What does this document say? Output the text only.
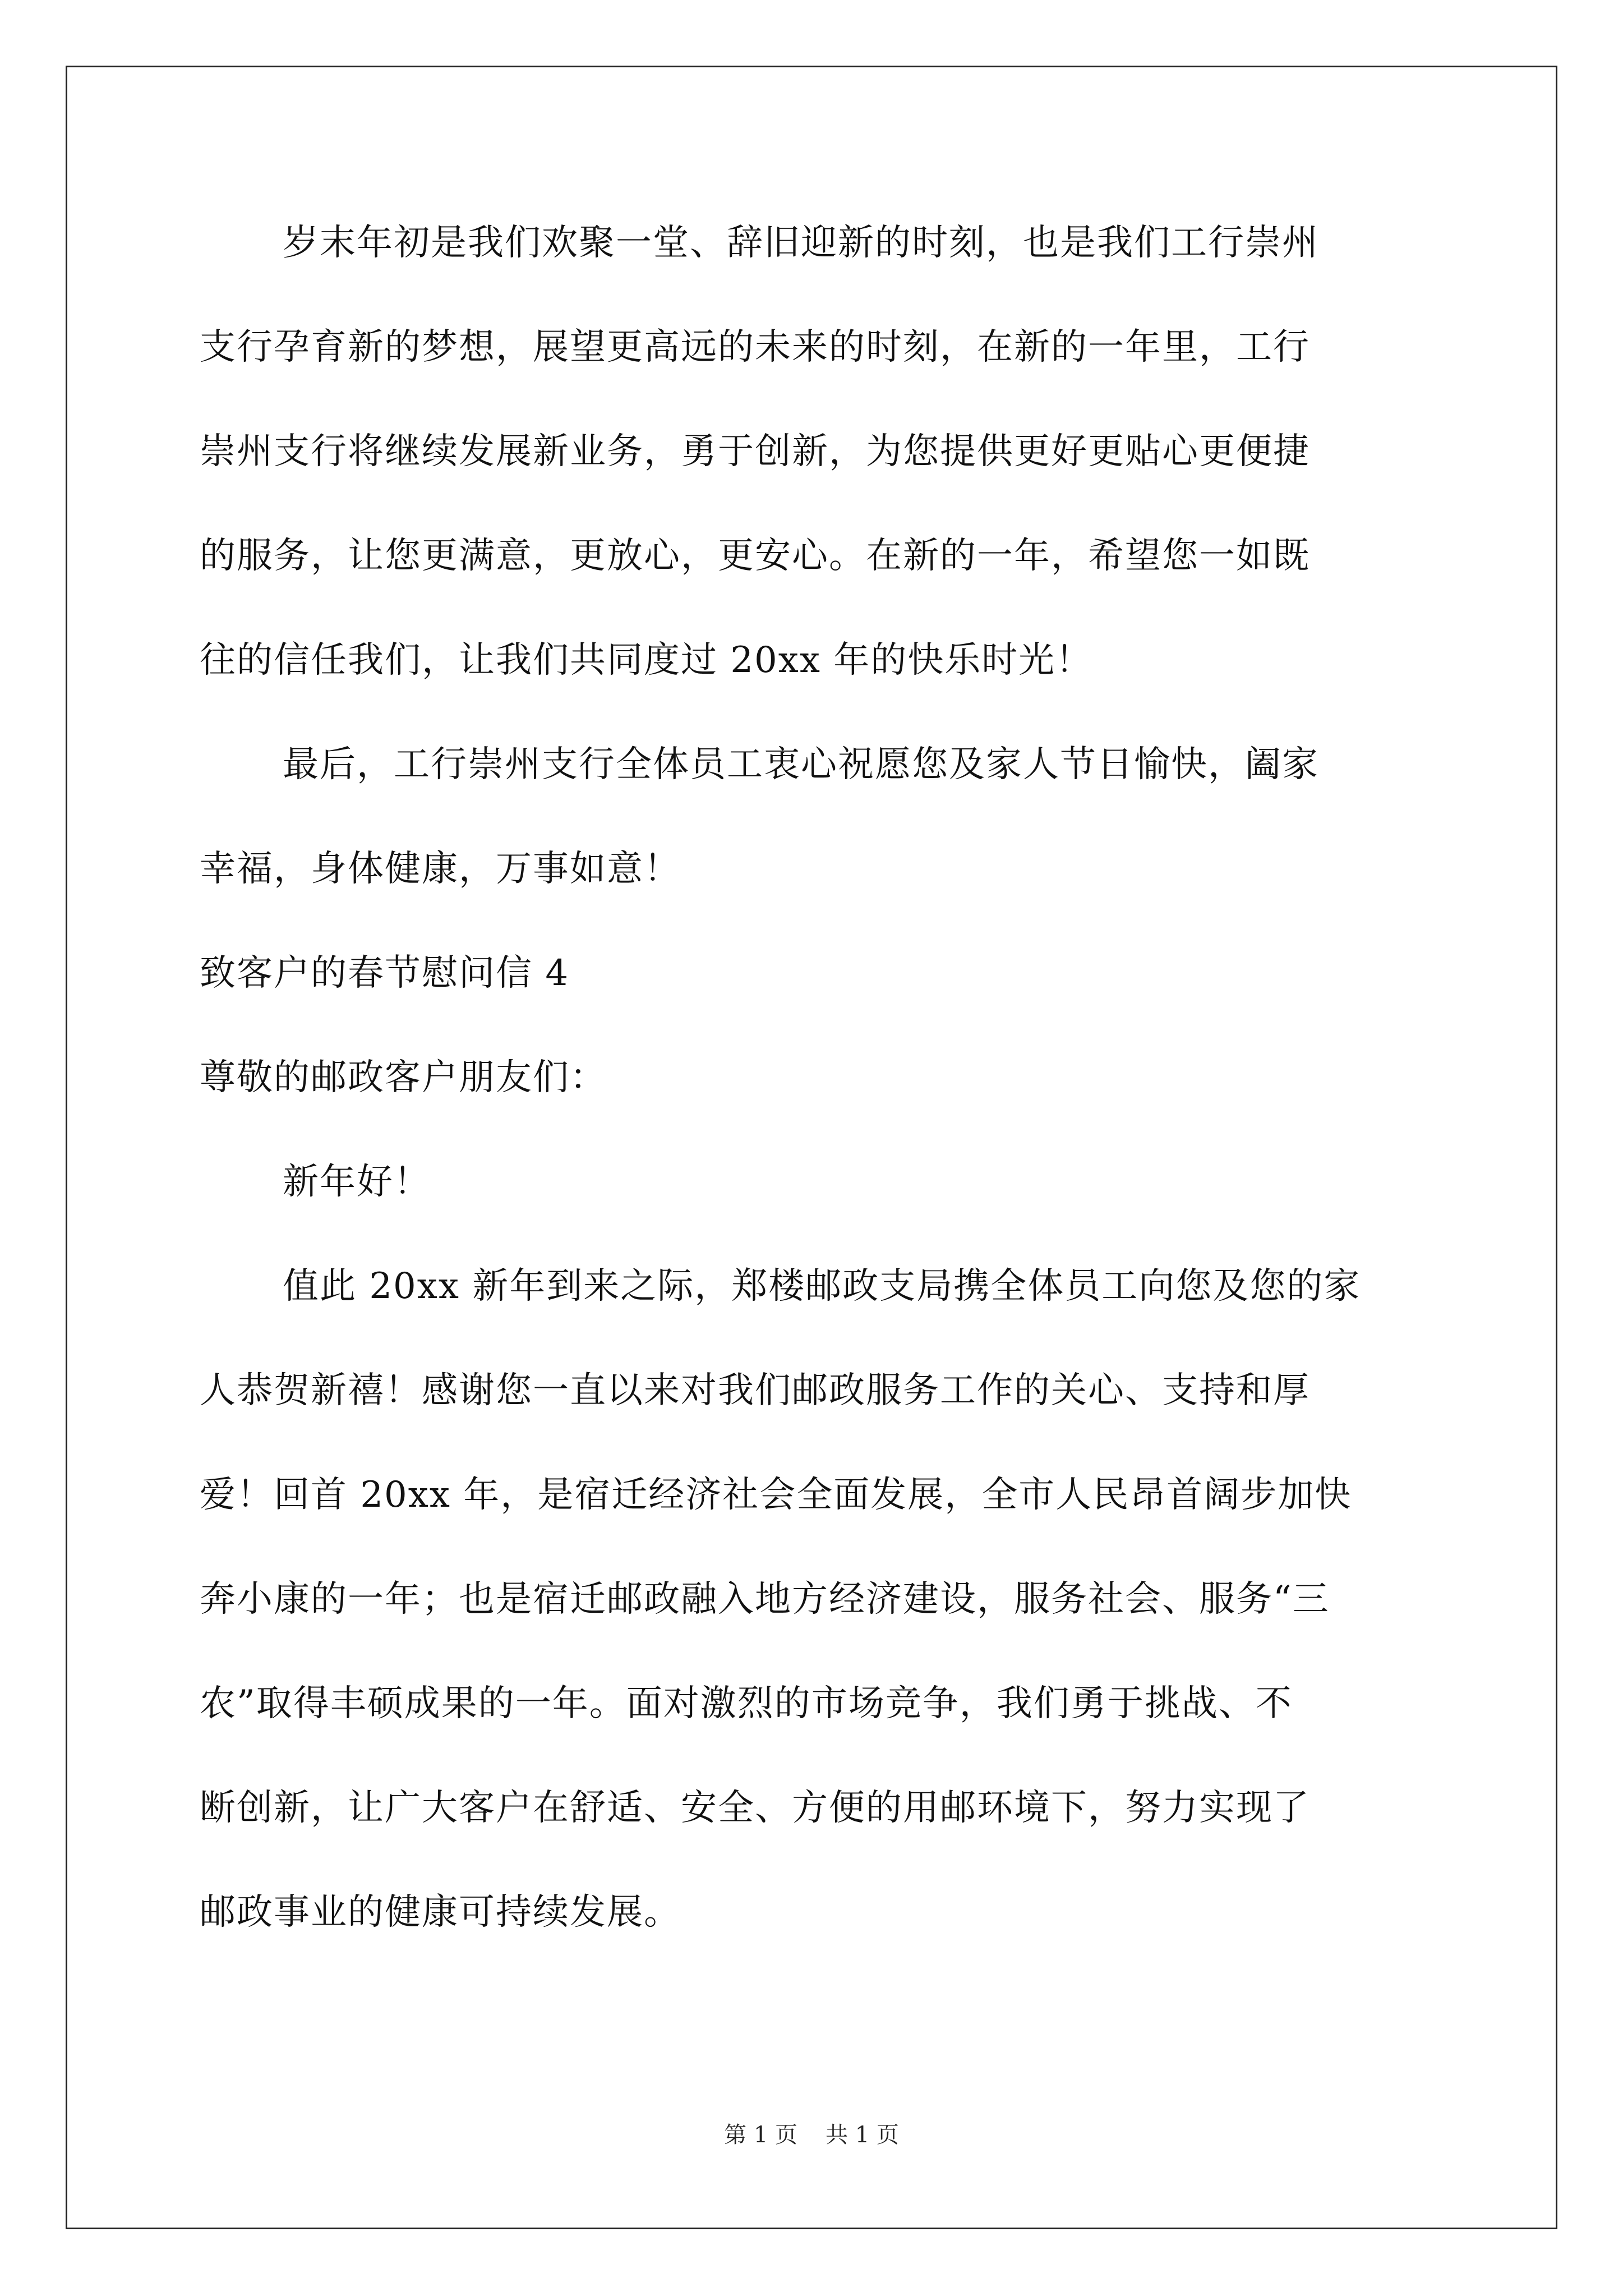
岁末年初是我们欢聚一堂、辞旧迎新的时刻，也是我们工行崇州
支行孕育新的梦想，展望更高远的未来的时刻，在新的一年里，工行
崇州支行将继续发展新业务，勇于创新，为您提供更好更贴心更便捷
的服务，让您更满意，更放心，更安心。在新的一年，希望您一如既
往的信任我们，让我们共同度过 20xx 年的快乐时光！
最后，工行崇州支行全体员工衷心祝愿您及家人节日愉快，阖家
幸福，身体健康，万事如意！
致客户的春节慰问信 4
尊敬的邮政客户朋友们：
新年好！
值此 20xx 新年到来之际，郑楼邮政支局携全体员工向您及您的家
人恭贺新禧！感谢您一直以来对我们邮政服务工作的关心、支持和厚
爱！回首 20xx 年，是宿迁经济社会全面发展，全市人民昂首阔步加快
奔小康的一年；也是宿迁邮政融入地方经济建设，服务社会、服务“三
农”取得丰硕成果的一年。面对激烈的市场竞争，我们勇于挑战、不
断创新，让广大客户在舒适、安全、方便的用邮环境下，努力实现了
邮政事业的健康可持续发展。
第 1 页 共 1 页
